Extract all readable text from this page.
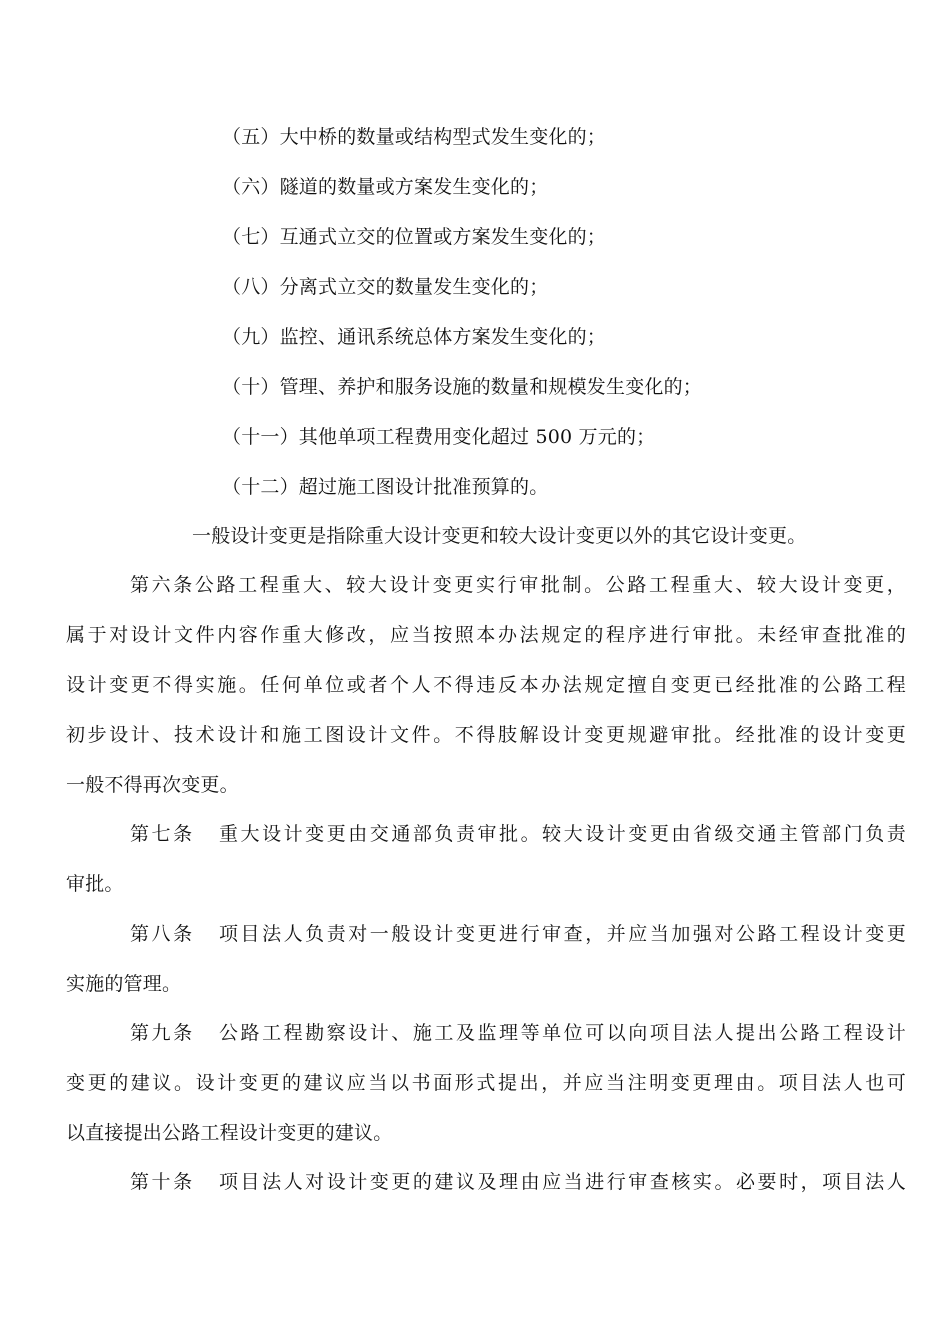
（五）大中桥的数量或结构型式发生变化的；
（六）隧道的数量或方案发生变化的；
（七）互通式立交的位置或方案发生变化的；
（八）分离式立交的数量发生变化的；
（九）监控、通讯系统总体方案发生变化的；
（十）管理、养护和服务设施的数量和规模发生变化的；
（十一）其他单项工程费用变化超过 500 万元的；
（十二）超过施工图设计批准预算的。
一般设计变更是指除重大设计变更和较大设计变更以外的其它设计变更。
第六条公路工程重大、较大设计变更实行审批制。公路工程重大、较大设计变更，
属于对设计文件内容作重大修改，应当按照本办法规定的程序进行审批。未经审查批准的
设计变更不得实施。任何单位或者个人不得违反本办法规定擅自变更已经批准的公路工程
初步设计、技术设计和施工图设计文件。不得肢解设计变更规避审批。经批准的设计变更
一般不得再次变更。
第七条 重大设计变更由交通部负责审批。较大设计变更由省级交通主管部门负责
审批。
第八条 项目法人负责对一般设计变更进行审查，并应当加强对公路工程设计变更
实施的管理。
第九条 公路工程勘察设计、施工及监理等单位可以向项目法人提出公路工程设计
变更的建议。设计变更的建议应当以书面形式提出，并应当注明变更理由。项目法人也可
以直接提出公路工程设计变更的建议。
第十条 项目法人对设计变更的建议及理由应当进行审查核实。必要时，项目法人
